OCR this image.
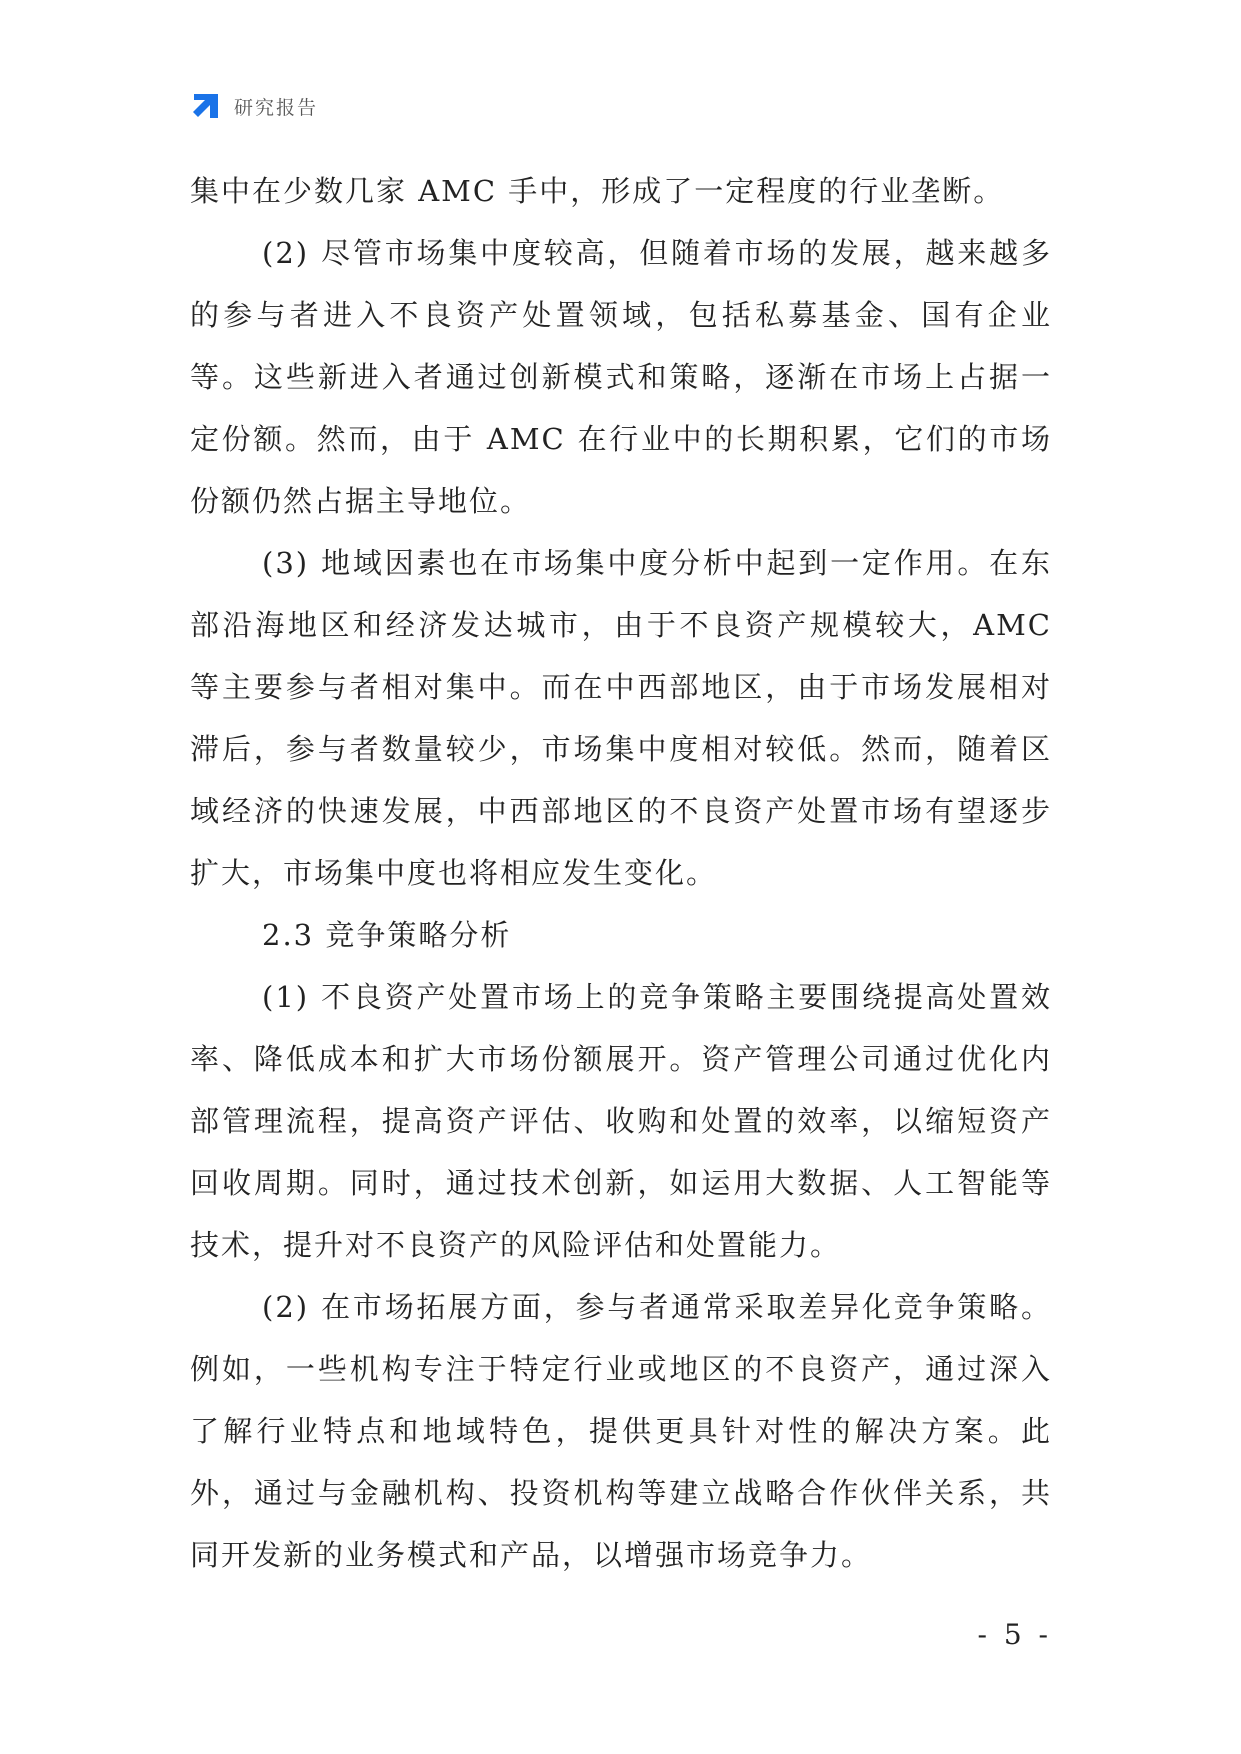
研究报告

集中在少数几家 AMC 手中，形成了一定程度的行业垄断。

(2) 尽管市场集中度较高，但随着市场的发展，越来越多的参与者进入不良资产处置领域，包括私募基金、国有企业等。这些新进入者通过创新模式和策略，逐渐在市场上占据一定份额。然而，由于 AMC 在行业中的长期积累，它们的市场份额仍然占据主导地位。

(3) 地域因素也在市场集中度分析中起到一定作用。在东部沿海地区和经济发达城市，由于不良资产规模较大，AMC 等主要参与者相对集中。而在中西部地区，由于市场发展相对滞后，参与者数量较少，市场集中度相对较低。然而，随着区域经济的快速发展，中西部地区的不良资产处置市场有望逐步扩大，市场集中度也将相应发生变化。

2.3 竞争策略分析

(1) 不良资产处置市场上的竞争策略主要围绕提高处置效率、降低成本和扩大市场份额展开。资产管理公司通过优化内部管理流程，提高资产评估、收购和处置的效率，以缩短资产回收周期。同时，通过技术创新，如运用大数据、人工智能等技术，提升对不良资产的风险评估和处置能力。

(2) 在市场拓展方面，参与者通常采取差异化竞争策略。例如，一些机构专注于特定行业或地区的不良资产，通过深入了解行业特点和地域特色，提供更具针对性的解决方案。此外，通过与金融机构、投资机构等建立战略合作伙伴关系，共同开发新的业务模式和产品，以增强市场竞争力。

- 5 -
